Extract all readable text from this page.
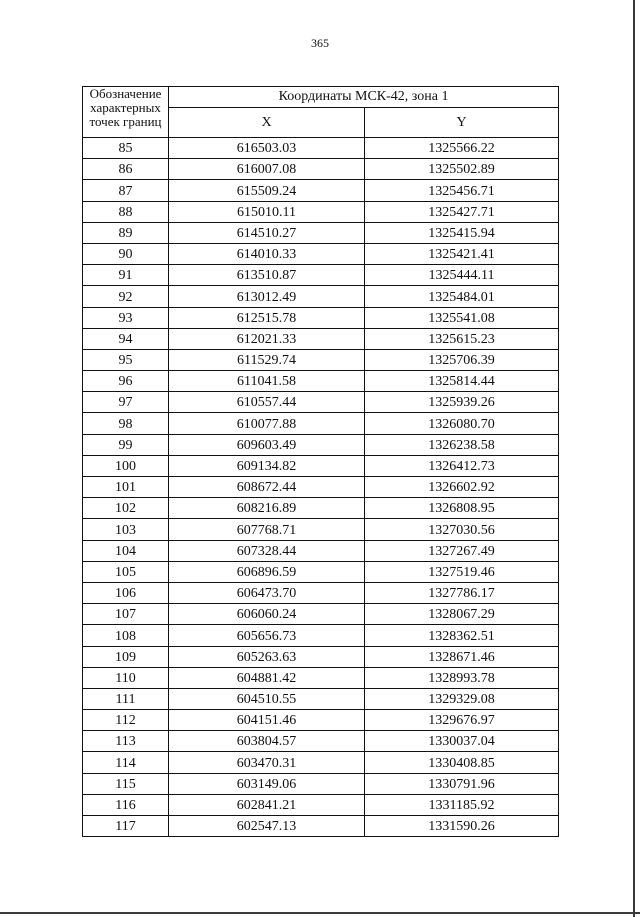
365
Обозначение характерных точек границ	Координаты МСК-42, зона 1	
	X	Y
85	616503.03	1325566.22
86	616007.08	1325502.89
87	615509.24	1325456.71
88	615010.11	1325427.71
89	614510.27	1325415.94
90	614010.33	1325421.41
91	613510.87	1325444.11
92	613012.49	1325484.01
93	612515.78	1325541.08
94	612021.33	1325615.23
95	611529.74	1325706.39
96	611041.58	1325814.44
97	610557.44	1325939.26
98	610077.88	1326080.70
99	609603.49	1326238.58
100	609134.82	1326412.73
101	608672.44	1326602.92
102	608216.89	1326808.95
103	607768.71	1327030.56
104	607328.44	1327267.49
105	606896.59	1327519.46
106	606473.70	1327786.17
107	606060.24	1328067.29
108	605656.73	1328362.51
109	605263.63	1328671.46
110	604881.42	1328993.78
111	604510.55	1329329.08
112	604151.46	1329676.97
113	603804.57	1330037.04
114	603470.31	1330408.85
115	603149.06	1330791.96
116	602841.21	1331185.92
117	602547.13	1331590.26
